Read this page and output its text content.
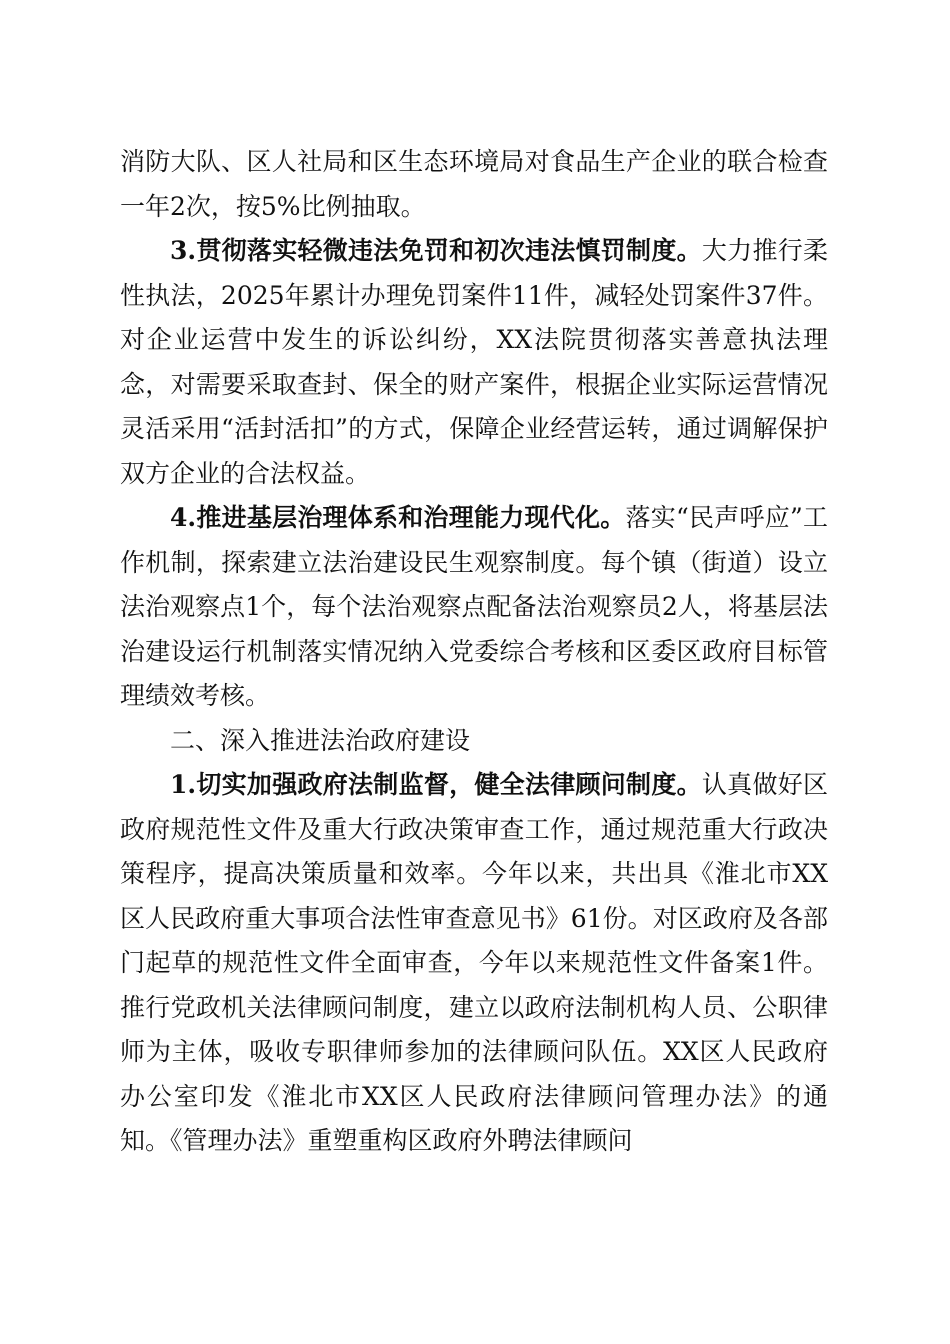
消防大队、区人社局和区生态环境局对食品生产企业的联合检查一年2次，按5%比例抽取。

3.贯彻落实轻微违法免罚和初次违法慎罚制度。大力推行柔性执法，2025年累计办理免罚案件11件，减轻处罚案件37件。对企业运营中发生的诉讼纠纷，XX法院贯彻落实善意执法理念，对需要采取查封、保全的财产案件，根据企业实际运营情况灵活采用“活封活扣”的方式，保障企业经营运转，通过调解保护双方企业的合法权益。

4.推进基层治理体系和治理能力现代化。落实“民声呼应”工作机制，探索建立法治建设民生观察制度。每个镇（街道）设立法治观察点1个，每个法治观察点配备法治观察员2人，将基层法治建设运行机制落实情况纳入党委综合考核和区委区政府目标管理绩效考核。

二、深入推进法治政府建设

1.切实加强政府法制监督，健全法律顾问制度。认真做好区政府规范性文件及重大行政决策审查工作，通过规范重大行政决策程序，提高决策质量和效率。今年以来，共出具《淮北市XX区人民政府重大事项合法性审查意见书》61份。对区政府及各部门起草的规范性文件全面审查，今年以来规范性文件备案1件。推行党政机关法律顾问制度，建立以政府法制机构人员、公职律师为主体，吸收专职律师参加的法律顾问队伍。XX区人民政府办公室印发《淮北市XX区人民政府法律顾问管理办法》的通知。《管理办法》重塑重构区政府外聘法律顾问
